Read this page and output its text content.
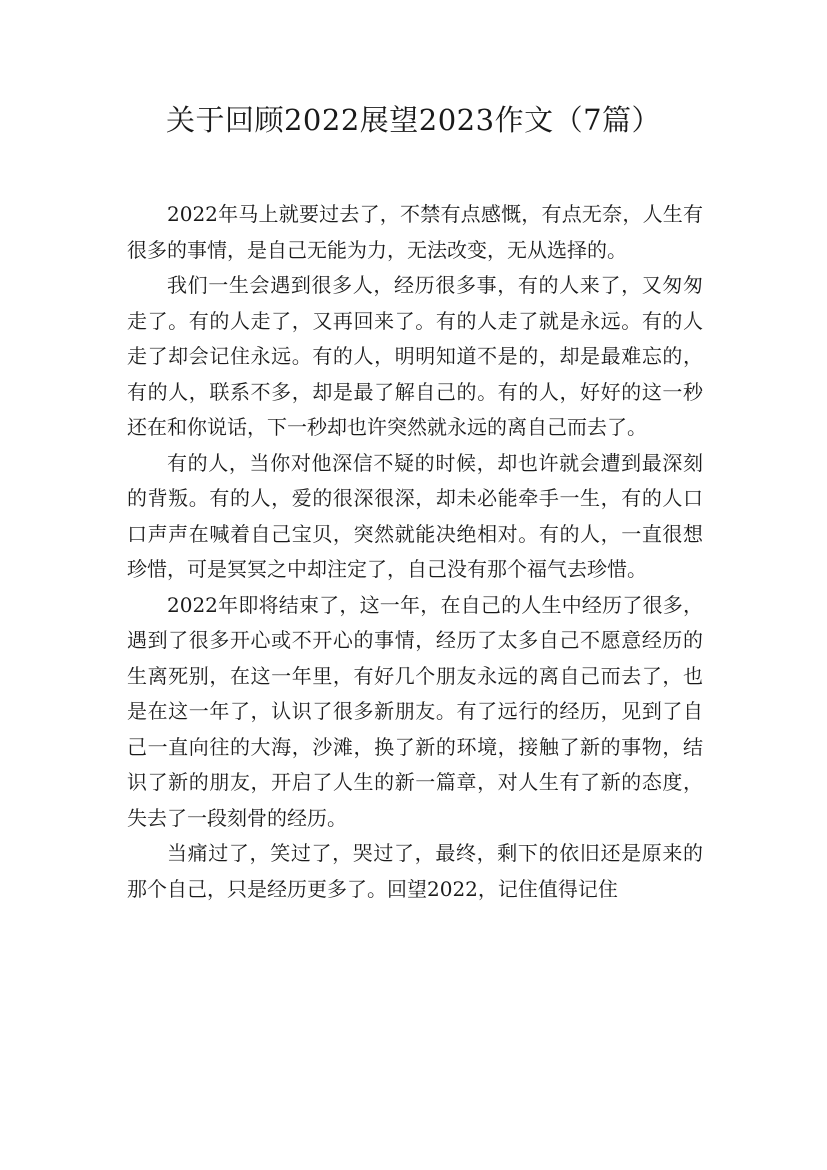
关于回顾2022展望2023作文（7篇）

2022年马上就要过去了，不禁有点感慨，有点无奈，人生有很多的事情，是自己无能为力，无法改变，无从选择的。

我们一生会遇到很多人，经历很多事，有的人来了，又匆匆走了。有的人走了，又再回来了。有的人走了就是永远。有的人走了却会记住永远。有的人，明明知道不是的，却是最难忘的，有的人，联系不多，却是最了解自己的。有的人，好好的这一秒还在和你说话，下一秒却也许突然就永远的离自己而去了。

有的人，当你对他深信不疑的时候，却也许就会遭到最深刻的背叛。有的人，爱的很深很深，却未必能牵手一生，有的人口口声声在喊着自己宝贝，突然就能决绝相对。有的人，一直很想珍惜，可是冥冥之中却注定了，自己没有那个福气去珍惜。

2022年即将结束了，这一年，在自己的人生中经历了很多，遇到了很多开心或不开心的事情，经历了太多自己不愿意经历的生离死别，在这一年里，有好几个朋友永远的离自己而去了，也是在这一年了，认识了很多新朋友。有了远行的经历，见到了自己一直向往的大海，沙滩，换了新的环境，接触了新的事物，结识了新的朋友，开启了人生的新一篇章，对人生有了新的态度，失去了一段刻骨的经历。

当痛过了，笑过了，哭过了，最终，剩下的依旧还是原来的那个自己，只是经历更多了。回望2022，记住值得记住
